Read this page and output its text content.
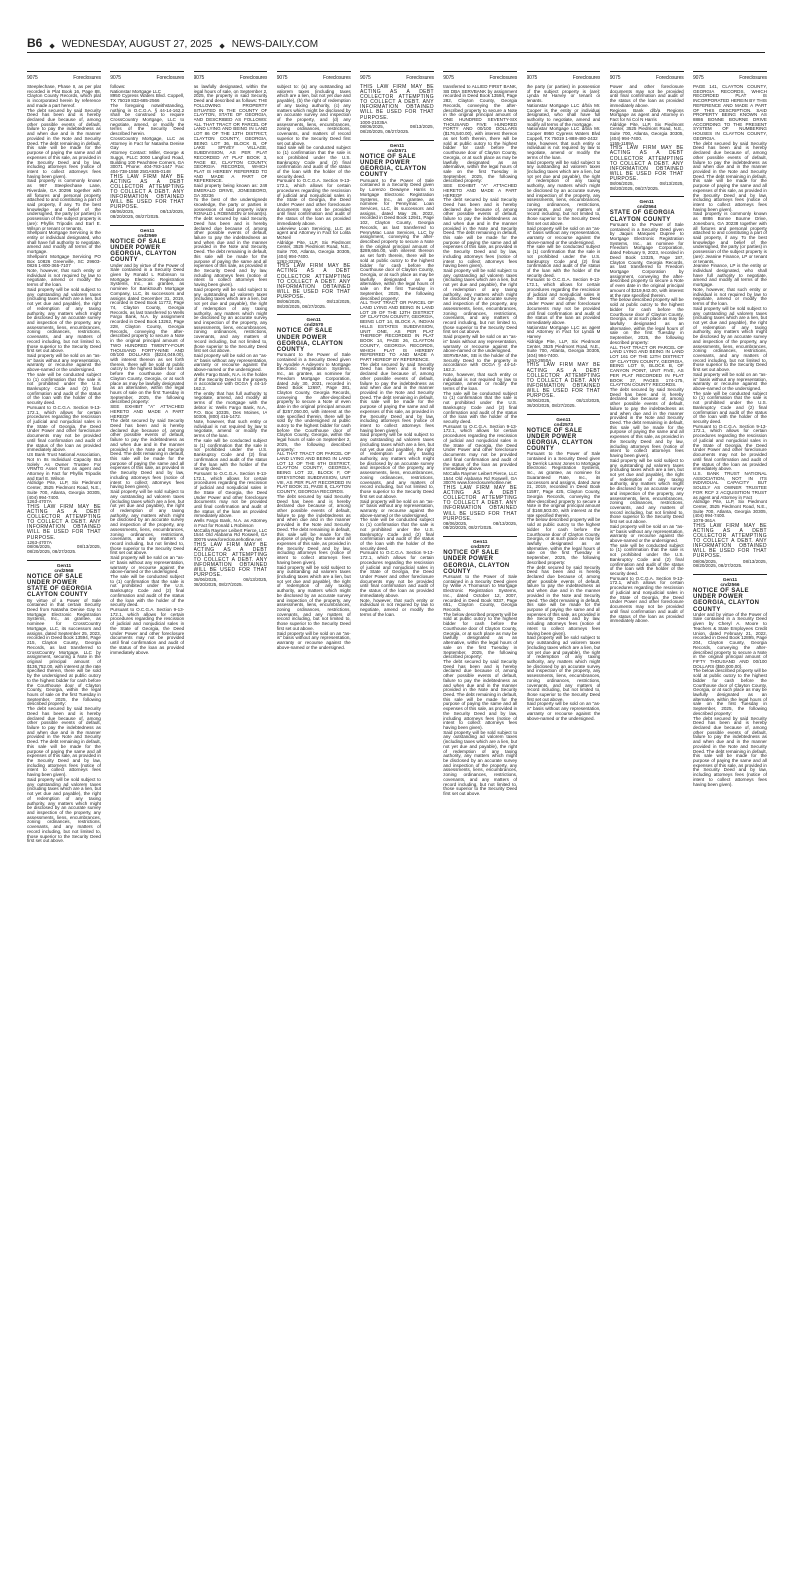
B6 ◆ WEDNESDAY, AUGUST 27, 2025 ◆ NEWS-DAILY.COM
9075	Foreclosures

Steeplechase, Phase II, as per plat recorded in Plat Book 16, Page 88, Clayton County Records, which plat is incorporated herein by reference and made a part hereof.

The debt secured by said Security Deed has been and is hereby declared due because of, among other possible events of default, failure to pay the indebtedness as and when due and in the manner provided in the Note and Security Deed. The debt remaining in default, this sale will be made for the purpose of paying the same and all expenses of this sale, as provided in the Security Deed and by law, including attorneys fees (notice of intent to collect attorneys fees having been given).

Said property is commonly known as 967 Steeplechase Lane, Riverdale, GA 30296 together with all fixtures and personal property attached to and constituting a part of said property, if any. To the best knowledge and belief of the undersigned, the party (or parties) in possession of the subject property is (are): Phyllis Tripodis and Earl E. Wilson or tenant or tenants.

Shellpoint Mortgage Servicing is the entity or individual designated, who shall have full authority to negotiate, amend and modify all terms of the mortgage.

Shellpoint Mortgage Servicing PO Box 10826 Greenville, SC 29603-0826 1-800-365-7107

Note, however, that such entity or individual is not required by law to negotiate, amend or modify the terms of the loan.

Said property will be sold subject to any outstanding ad valorem taxes (including taxes which are a lien, but not yet due and payable), the right of redemption of any taxing authority, any matters which might be disclosed by an accurate survey and inspection of the property, any assessments, liens, encumbrances, zoning ordinances, restrictions, covenants, and any matters of record including, but not limited to, those superior to the Security Deed first set out above.

Said property will be sold on an "as-is" basis without any representation, warranty or recourse against the above-named or the undersigned.

The sale will be conducted subject to (1) confirmation that the sale is not prohibited under the U.S. Bankruptcy Code and (2) final confirmation and audit of the status of the loan with the holder of the security deed.

Pursuant to O.C.G.A. Section 9-13-172.1, which allows for certain procedures regarding the rescission of judicial and nonjudicial sales in the State of Georgia, the Deed Under Power and other foreclosure documents may not be provided until final confirmation and audit of the status of the loan as provided immediately above.

US Bank Trust National Association, Not In Its Individual Capacity But Solely As Owner Trustee For VRMTG Asset Trust as agent and Attorney in Fact for Phyllis Tripodis and Earl E. Wilson

Aldridge Pite, LLP, Six Piedmont Center, 3525 Piedmont Road, N.E., Suite 700, Atlanta, Georgia 30305, (404) 994-7400.

1263-4707A

THIS LAW FIRM MAY BE ACTING AS A DEBT COLLECTOR ATTEMPTING TO COLLECT A DEBT. ANY INFORMATION OBTAINED WILL BE USED FOR THAT PURPOSE.

1263-4707A

08/06/2025, 08/13/2025, 08/20/2025, 08/27/2025.

Gen11

cnd2568

NOTICE OF SALE UNDER POWER

STATE OF GEORGIA CLAYTON COUNTY

By virtue of a Power of Sale contained in that certain Security Deed from Natasha Denise Gay to Mortgage Electronic Registration Systems, Inc., as grantee, as nominee for CrossCountry Mortgage, LLC, its successors and assigns, dated September 25, 2023, recorded in Deed Book 13594, Page 215, Clayton County, Georgia Records, as last transferred to CrossCountry Mortgage, LLC by assignment, securing a Note in the original principal amount of $136,752.00, with interest at the rate specified therein, there will be sold by the undersigned at public outcry to the highest bidder for cash before the Courthouse door of Clayton County, Georgia, within the legal hours of sale on the first Tuesday in September, 2025, the following described property:

The debt secured by said Security Deed has been and is hereby declared due because of, among other possible events of default, failure to pay the indebtedness as and when due and in the manner provided in the Note and Security Deed. The debt remaining in default, this sale will be made for the purpose of paying the same and all expenses of this sale, as provided in the Security Deed and by law, including attorneys fees (notice of intent to collect attorneys fees having been given).

Said property will be sold subject to any outstanding ad valorem taxes (including taxes which are a lien, but not yet due and payable), the right of redemption of any taxing authority, any matters which might be disclosed by an accurate survey and inspection of the property, any assessments, liens, encumbrances, zoning ordinances, restrictions, covenants, and any matters of record including, but not limited to, those superior to the Security Deed first set out above.

9075	Foreclosures

follows:

Nationstar Mortgage LLC

8950 Cypress Waters Blvd. Coppell, TX 75019 833-685-2566

The foregoing notwithstanding, nothing in O.C.G.A. § 44-14-162.2 shall be construed to require CrossCountry Mortgage, LLC to negotiate, amend, or modify the terms of the Security Deed described herein.

CrossCountry Mortgage, LLC as Attorney in Fact for Natasha Denise Gay

Attorney Contact: Miller, George & Suggs, PLLC 3000 Langford Road, Building 100 Peachtree Corners, GA 30071 Phone: 404-793-1447 Fax: 404-738-1558 25GA935-0148

THIS LAW FIRM MAY BE ACTING AS A DEBT COLLECTOR ATTEMPTING TO COLLECT A DEBT. ANY INFORMATION OBTAINED WILL BE USED FOR THAT PURPOSE.

08/06/2025, 08/13/2025, 08/20/2025, 08/27/2025.

Gen11

cnd2569

NOTICE OF SALE UNDER POWER

GEORGIA, CLAYTON COUNTY

Under and by virtue of the Power of Sale contained in a Security Deed given by Ronald L Robinson to Mortgage Electronic Registration Systems, Inc., as grantee, as nominee for BankSouth Mortgage Company, LLC, its successors and assigns dated December 31, 2019, recorded in Deed Book 11772, Page 74, Clayton County, Georgia Records, as last transferred to Wells Fargo Bank, N.A. by assignment recorded in Deed Book 13262, Page 228, Clayton County, Georgia Records, conveying the after-described property to secure a Note in the original principal amount of TWO HUNDRED TWENTY-FOUR THOUSAND FORTY-NINE AND 00/100 DOLLARS ($224,049.00), with interest thereon as set forth therein, there will be sold at public outcry to the highest bidder for cash before the courthouse door of Clayton County, Georgia, or at such place as may be lawfully designated as an alternative, within the legal hours of sale on the first Tuesday in September, 2025, the following described property:

SEE EXHIBIT "A" ATTACHED HERETO AND MADE A PART HEREOF

The debt secured by said Security Deed has been and is hereby declared due because of, among other possible events of default, failure to pay the indebtedness as and when due and in the manner provided in the Note and Security Deed. The debt remaining in default, this sale will be made for the purpose of paying the same and all expenses of this sale, as provided in the Security Deed and by law, including attorneys fees (notice of intent to collect attorneys fees having been given).

Said property will be sold subject to any outstanding ad valorem taxes (including taxes which are a lien, but not yet due and payable), the right of redemption of any taxing authority, any matters which might be disclosed by an accurate survey and inspection of the property, any assessments, liens, encumbrances, zoning ordinances, restrictions, covenants, and any matters of record including, but not limited to, those superior to the Security Deed first set out above.

Said property will be sold on an "as-is" basis without any representation, warranty or recourse against the above-named or the undersigned.

The sale will be conducted subject to (1) confirmation that the sale is not prohibited under the U.S. Bankruptcy Code and (2) final confirmation and audit of the status of the loan with the holder of the security deed.

Pursuant to O.C.G.A. Section 9-13-172.1, which allows for certain procedures regarding the rescission of judicial and nonjudicial sales in the State of Georgia, the Deed Under Power and other foreclosure documents may not be provided until final confirmation and audit of the status of the loan as provided immediately above.

9075	Foreclosures

as lawfully designated, within the legal hours of sale, on September 2, 2025, the property in said Security Deed and described as follows: THE FOLLOWING PROPERTY SITUATED IN THE COUNTY OF CLAYTON, STATE OF GEORGIA, AND DESCRIBED AS FOLLOWS: ALL THAT TRACT OR PARCEL OF LAND LYING AND BEING IN LAND LOT 86 OF THE 13TH DISTRICT, CLAYTON COUNTY, GEORGIA, BEING LOT 36, BLOCK B, OF LAKE SPIVEY VILLAGE, SUBDIVISION, AS PER PLAT RECORDED AT PLAT BOOK 3, PAGE 82, CLAYTON COUNTY, GEORGIA RECORDS, WHICH PLAT IS HEREBY REFERRED TO AND MADE A PART OF REFERENCE.

Said property being known as: 249 EMERALD DRIVE, JONESBORO, GA 30236

To the best of the undersigneds knowledge, the party or parties in possession of said property is/are RONALD L ROBINSON or tenant(s).

The debt secured by said Security Deed has been and is hereby declared due because of, among other possible events of default, failure to pay the indebtedness as and when due and in the manner provided in the Note and Security Deed. The debt remaining in default, this sale will be made for the purpose of paying the same and all expenses of this sale, as provided in the Security Deed and by law, including attorneys fees (notice of intent to collect attorneys fees having been given).

Said property will be sold subject to any outstanding ad valorem taxes (including taxes which are a lien, but not yet due and payable), the right of redemption of any taxing authority, any matters which might be disclosed by an accurate survey and inspection of the property, any assessments, liens, encumbrances, zoning ordinances, restrictions, covenants, and any matters of record including, but not limited to, those superior to the Security Deed first set out above.

Said property will be sold on an "as-is" basis without any representation, warranty or recourse against the above-named or the undersigned.

Wells Fargo Bank, N.A. is the holder of the Security Deed to the property in accordance with OCGA § 44-14-162.2.

The entity that has full authority to negotiate, amend, and modify all terms of the mortgage with the debtor is: Wells Fargo Bank, N.A., P.O. Box 10335, Des Moines, IA 50306, (800) 416-1472.

Note, however, that such entity or individual is not required by law to negotiate, amend or modify the terms of the loan.

The sale will be conducted subject to (1) confirmation that the sale is not prohibited under the U.S. Bankruptcy Code and (2) final confirmation and audit of the status of the loan with the holder of the security deed.

Pursuant to O.C.G.A. Section 9-13-172.1, which allows for certain procedures regarding the rescission of judicial and nonjudicial sales in the State of Georgia, the Deed Under Power and other foreclosure documents may not be provided until final confirmation and audit of the status of the loan as provided immediately above.

Wells Fargo Bank, N.A. as Attorney in Fact for Ronald L Robinson

McCalla Raymer Leibert Pierce, LLC 1544 Old Alabama Rd Roswell, GA 30076 www.foreclosurehotline.net

THIS LAW FIRM MAY BE ACTING AS A DEBT COLLECTOR ATTEMPTING TO COLLECT A DEBT. ANY INFORMATION OBTAINED WILL BE USED FOR THAT PURPOSE.

08/06/2025, 08/13/2025, 08/20/2025, 08/27/2025.

9075	Foreclosures

subject to: (a) any outstanding ad valorem taxes (including taxes which are a lien, but not yet due and payable), (b) the right of redemption of any taxing authority, (c) any matters which might be disclosed by an accurate survey and inspection of the property, and (d) any assessments, liens, encumbrances, zoning ordinances, restrictions, covenants, and matters of record superior to the Security Deed first set out above.

Said sale will be conducted subject to (1) confirmation that the sale is not prohibited under the U.S. Bankruptcy Code and (2) final confirmation and audit of the status of the loan with the holder of the security deed.

Pursuant to O.C.G.A. Section 9-13-172.1, which allows for certain procedures regarding the rescission of judicial and nonjudicial sales in the State of Georgia, the Deed Under Power and other foreclosure documents may not be provided until final confirmation and audit of the status of the loan as provided immediately above.

Lakeview Loan Servicing, LLC as agent and Attorney in Fact for Lolita McNeil

Aldridge Pite, LLP, Six Piedmont Center, 3525 Piedmont Road, N.E., Suite 700, Atlanta, Georgia 30305, (404) 994-7400.

1262-3228A

THIS LAW FIRM MAY BE ACTING AS A DEBT COLLECTOR ATTEMPTING TO COLLECT A DEBT. ANY INFORMATION OBTAINED WILL BE USED FOR THAT PURPOSE.

08/06/2025, 08/13/2025, 08/20/2025, 08/27/2025.

Gen11

cnd2570

NOTICE OF SALE UNDER POWER

GEORGIA, CLAYTON COUNTY

Pursuant to the Power of Sale contained in a Security Deed given by Ayodele A Adeyemi to Mortgage Electronic Registration Systems, Inc., as grantee, as nominee for Freedom Mortgage Corporation, dated July 30, 2021, recorded in Deed Book 12697, Page 381, Clayton County, Georgia Records, conveying the after-described property to secure a Note of even date in the original principal amount of $257,050.00, with interest at the rate specified therein, there will be sold by the undersigned at public outcry to the highest bidder for cash before the Courthouse door of Clayton County, Georgia, within the legal hours of sale on September 2, 2025, the following described property:

ALL THAT TRACT OR PARCEL OF LAND LYING AND BEING IN LAND LOT 12 OF THE 6TH DISTRICT, CLAYTON COUNTY, GEORGIA, BEING LOT 22, BLOCK F, OF GREYSTONE SUBDIVISION, UNIT VIII, AS PER PLAT RECORDED IN PLAT BOOK 31, PAGE 8, CLAYTON COUNTY, GEORGIA RECORDS.

The debt secured by said Security Deed has been and is hereby declared due because of, among other possible events of default, failure to pay the indebtedness as and when due and in the manner provided in the Note and Security Deed. The debt remaining in default, this sale will be made for the purpose of paying the same and all expenses of this sale, as provided in the Security Deed and by law, including attorneys fees (notice of intent to collect attorneys fees having been given).

Said property will be sold subject to any outstanding ad valorem taxes (including taxes which are a lien, but not yet due and payable), the right of redemption of any taxing authority, any matters which might be disclosed by an accurate survey and inspection of the property, any assessments, liens, encumbrances, zoning ordinances, restrictions, covenants, and any matters of record including, but not limited to, those superior to the Security Deed first set out above.

Said property will be sold on an "as-is" basis without any representation, warranty or recourse against the above-named or the undersigned.

9075	Foreclosures

THIS LAW FIRM MAY BE ACTING AS A DEBT COLLECTOR ATTEMPTING TO COLLECT A DEBT. ANY INFORMATION OBTAINED WILL BE USED FOR THAT PURPOSE.

1000-21035A

08/06/2025, 08/13/2025, 08/20/2025, 08/27/2025.

Gen11

cnd2571

NOTICE OF SALE UNDER POWER

GEORGIA, CLAYTON COUNTY

Pursuant to the Power of Sale contained in a Security Deed given by Lorenzo Dewayne Harris to Mortgage Electronic Registration Systems, Inc., as grantee, as nominee for Pennymac Loan Services, LLC, its successors and assigns, dated May 26, 2022, recorded in Deed Book 12941, Page 102, Clayton County, Georgia Records, as last transferred to PennyMac Loan Services, LLC by assignment, conveying the after-described property to secure a Note in the original principal amount of $289,656.00, with interest thereon as set forth therein, there will be sold at public outcry to the highest bidder for cash before the Courthouse door of Clayton County, Georgia, or at such place as may be lawfully designated as an alternative, within the legal hours of sale on the first Tuesday in September, 2025, the following described property:

ALL THAT TRACT OR PARCEL OF LAND LYING AND BEING IN LAND LOT 29 OF THE 12TH DISTRICT OF CLAYTON COUNTY, GEORGIA, BEING LOT 14, BLOCK A, INDIAN HILLS ESTATES SUBDIVISION, UNIT ONE, AS PER PLAT THEREOF RECORDED IN PLAT BOOK 14, PAGE 26, CLAYTON COUNTY, GEORGIA RECORDS, WHICH PLAT IS HEREBY REFERRED TO AND MADE A PART HEREOF BY REFERENCE.

The debt secured by said Security Deed has been and is hereby declared due because of, among other possible events of default, failure to pay the indebtedness as and when due and in the manner provided in the Note and Security Deed. The debt remaining in default, this sale will be made for the purpose of paying the same and all expenses of this sale, as provided in the Security Deed and by law, including attorneys fees (notice of intent to collect attorneys fees having been given).

Said property will be sold subject to any outstanding ad valorem taxes (including taxes which are a lien, but not yet due and payable), the right of redemption of any taxing authority, any matters which might be disclosed by an accurate survey and inspection of the property, any assessments, liens, encumbrances, zoning ordinances, restrictions, covenants, and any matters of record including, but not limited to, those superior to the Security Deed first set out above.

Said property will be sold on an "as-is" basis without any representation, warranty or recourse against the above-named or the undersigned.

The sale will be conducted subject to (1) confirmation that the sale is not prohibited under the U.S. Bankruptcy Code and (2) final confirmation and audit of the status of the loan with the holder of the security deed.

Pursuant to O.C.G.A. Section 9-13-172.1, which allows for certain procedures regarding the rescission of judicial and nonjudicial sales in the State of Georgia, the Deed Under Power and other foreclosure documents may not be provided until final confirmation and audit of the status of the loan as provided immediately above.

Note, however, that such entity or individual is not required by law to negotiate, amend or modify the terms of the loan.

9075	Foreclosures

transferred to ALLIED FIRST BANK, SB DBA SERVBANK by assignment recorded in Deed Book 13594, Page 282, Clayton County, Georgia Records, conveying the after-described property to secure a Note in the original principal amount of ONE HUNDRED SEVENTY-SIX THOUSAND FIVE HUNDRED FORTY AND 00/100 DOLLARS ($176,540.00), with interest thereon as set forth therein, there will be sold at public outcry to the highest bidder for cash before the courthouse door of Clayton County, Georgia, or at such place as may be lawfully designated as an alternative, within the legal hours of sale on the first Tuesday in September, 2025, the following described property:

SEE EXHIBIT "A" ATTACHED HERETO AND MADE A PART HEREOF

The debt secured by said Security Deed has been and is hereby declared due because of, among other possible events of default, failure to pay the indebtedness as and when due and in the manner provided in the Note and Security Deed. The debt remaining in default, this sale will be made for the purpose of paying the same and all expenses of this sale, as provided in the Security Deed and by law, including attorneys fees (notice of intent to collect attorneys fees having been given).

Said property will be sold subject to any outstanding ad valorem taxes (including taxes which are a lien, but not yet due and payable), the right of redemption of any taxing authority, any matters which might be disclosed by an accurate survey and inspection of the property, any assessments, liens, encumbrances, zoning ordinances, restrictions, covenants, and any matters of record including, but not limited to, those superior to the Security Deed first set out above.

Said property will be sold on an "as-is" basis without any representation, warranty or recourse against the above-named or the undersigned.

SERVBANK, SB is the holder of the Security Deed to the property in accordance with OCGA § 44-14-162.2.

Note, however, that such entity or individual is not required by law to negotiate, amend or modify the terms of the loan.

The sale will be conducted subject to (1) confirmation that the sale is not prohibited under the U.S. Bankruptcy Code and (2) final confirmation and audit of the status of the loan with the holder of the security deed.

Pursuant to O.C.G.A. Section 9-13-172.1, which allows for certain procedures regarding the rescission of judicial and nonjudicial sales in the State of Georgia, the Deed Under Power and other foreclosure documents may not be provided until final confirmation and audit of the status of the loan as provided immediately above.

McCalla Raymer Leibert Pierce, LLC 1544 Old Alabama Rd Roswell, GA 30076 www.foreclosurehotline.net

THIS LAW FIRM MAY BE ACTING AS A DEBT COLLECTOR ATTEMPTING TO COLLECT A DEBT. ANY INFORMATION OBTAINED WILL BE USED FOR THAT PURPOSE.

08/06/2025, 08/13/2025, 08/20/2025, 08/27/2025.

Gen11

cnd2572

NOTICE OF SALE UNDER POWER

GEORGIA, CLAYTON COUNTY

Pursuant to the Power of Sale contained in a Security Deed given by Willie A Thomason to Mortgage Electronic Registration Systems, Inc., dated October 12, 2007, recorded in Deed Book 9337, Page 651, Clayton County, Georgia Records.

The below described property will be sold at public outcry to the highest bidder for cash before the Courthouse door of Clayton County, Georgia, or at such place as may be lawfully designated as an alternative, within the legal hours of sale on the first Tuesday in September, 2025, the following described property:

The debt secured by said Security Deed has been and is hereby declared due because of, among other possible events of default, failure to pay the indebtedness as and when due and in the manner provided in the Note and Security Deed. The debt remaining in default, this sale will be made for the purpose of paying the same and all expenses of this sale, as provided in the Security Deed and by law, including attorneys fees (notice of intent to collect attorneys fees having been given).

Said property will be sold subject to any outstanding ad valorem taxes (including taxes which are a lien, but not yet due and payable), the right of redemption of any taxing authority, any matters which might be disclosed by an accurate survey and inspection of the property, any assessments, liens, encumbrances, zoning ordinances, restrictions, covenants, and any matters of record including, but not limited to, those superior to the Security Deed first set out above.

9075	Foreclosures

the party (or parties) in possession of the subject property is (are): Lynda M Harvey or tenant or tenants.

Nationstar Mortgage LLC d/b/a Mr. Cooper is the entity or individual designated, who shall have full authority to negotiate, amend and modify all terms of the mortgage.

Nationstar Mortgage LLC d/b/a Mr. Cooper 8950 Cypress Waters Blvd Coppell, TX 75019 1-888-480-2432

Note, however, that such entity or individual is not required by law to negotiate, amend or modify the terms of the loan.

Said property will be sold subject to any outstanding ad valorem taxes (including taxes which are a lien, but not yet due and payable), the right of redemption of any taxing authority, any matters which might be disclosed by an accurate survey and inspection of the property, any assessments, liens, encumbrances, zoning ordinances, restrictions, covenants, and any matters of record including, but not limited to, those superior to the Security Deed first set out above.

Said property will be sold on an "as-is" basis without any representation, warranty or recourse against the above-named or the undersigned.

The sale will be conducted subject to (1) confirmation that the sale is not prohibited under the U.S. Bankruptcy Code and (2) final confirmation and audit of the status of the loan with the holder of the security deed.

Pursuant to O.C.G.A. Section 9-13-172.1, which allows for certain procedures regarding the rescission of judicial and nonjudicial sales in the State of Georgia, the Deed Under Power and other foreclosure documents may not be provided until final confirmation and audit of the status of the loan as provided immediately above.

Nationstar Mortgage LLC as agent and Attorney in Fact for Lynda M Harvey

Aldridge Pite, LLP, Six Piedmont Center, 3525 Piedmont Road, N.E., Suite 700, Atlanta, Georgia 30305, (404) 994-7400.

1263-2650A

THIS LAW FIRM MAY BE ACTING AS A DEBT COLLECTOR ATTEMPTING TO COLLECT A DEBT. ANY INFORMATION OBTAINED WILL BE USED FOR THAT PURPOSE.

08/06/2025, 08/13/2025, 08/20/2025, 08/27/2025.

Gen11

cnd2573

NOTICE OF SALE UNDER POWER

GEORGIA, CLAYTON COUNTY

Pursuant to the Power of Sale contained in a Security Deed given by Derrick Lamar Jones to Mortgage Electronic Registration Systems, Inc., as grantee, as nominee for Guaranteed Rate, Inc., its successors and assigns, dated June 21, 2019, recorded in Deed Book 11597, Page 425, Clayton County, Georgia Records, conveying the after-described property to secure a Note in the original principal amount of $168,503.00, with interest at the rate specified therein.

The below described property will be sold at public outcry to the highest bidder for cash before the Courthouse door of Clayton County, Georgia, or at such place as may be lawfully designated as an alternative, within the legal hours of sale on the first Tuesday in September, 2025, the following described property:

The debt secured by said Security Deed has been and is hereby declared due because of, among other possible events of default, failure to pay the indebtedness as and when due and in the manner provided in the Note and Security Deed. The debt remaining in default, this sale will be made for the purpose of paying the same and all expenses of this sale, as provided in the Security Deed and by law, including attorneys fees (notice of intent to collect attorneys fees having been given).

Said property will be sold subject to any outstanding ad valorem taxes (including taxes which are a lien, but not yet due and payable), the right of redemption of any taxing authority, any matters which might be disclosed by an accurate survey and inspection of the property, any assessments, liens, encumbrances, zoning ordinances, restrictions, covenants, and any matters of record including, but not limited to, those superior to the Security Deed first set out above.

Said property will be sold on an "as-is" basis without any representation, warranty or recourse against the above-named or the undersigned.

9075	Foreclosures

Power and other foreclosure documents may not be provided until final confirmation and audit of the status of the loan as provided immediately above.

Regions Bank d/b/a Regions Mortgage as agent and Attorney in Fact for Ni Col N Harris

Aldridge Pite, LLP, Six Piedmont Center, 3525 Piedmont Road, N.E., Suite 700, Atlanta, Georgia 30305, (404) 994-7400.

1155-1189A

THIS LAW FIRM MAY BE ACTING AS A DEBT COLLECTOR ATTEMPTING TO COLLECT A DEBT. ANY INFORMATION OBTAINED WILL BE USED FOR THAT PURPOSE.

08/06/2025, 08/13/2025, 08/20/2025, 08/27/2025.

Gen11

cnd2564

STATE OF GEORGIA CLAYTON COUNTY

Pursuant to the Power of Sale contained in a Security Deed given by Jaquis Marques Dupree to Mortgage Electronic Registration Systems, Inc., as nominee for Freedom Mortgage Corporation, dated February 9, 2023, recorded in Deed Book 13325, Page 187, Clayton County, Georgia Records, as last transferred to Freedom Mortgage Corporation by assignment, conveying the after-described property to secure a Note of even date in the original principal amount of $219,942.00, with interest at the rate specified therein.

The below described property will be sold at public outcry to the highest bidder for cash before the Courthouse door of Clayton County, Georgia, or at such place as may be lawfully designated as an alternative, within the legal hours of sale on the first Tuesday in September, 2025, the following described property:

ALL THAT TRACT OR PARCEL OF LAND LYING AND BEING IN LAND LOT 161 OF THE 12TH DISTRICT OF CLAYTON COUNTY, GEORGIA, BEING LOT 9, BLOCK B, OF CANYON POINT, UNIT FIVE, AS PER PLAT RECORDED IN PLAT BOOK 37, PAGES 174-175, CLAYTON COUNTY RECORDS.

The debt secured by said Security Deed has been and is hereby declared due because of, among other possible events of default, failure to pay the indebtedness as and when due and in the manner provided in the Note and Security Deed. The debt remaining in default, this sale will be made for the purpose of paying the same and all expenses of this sale, as provided in the Security Deed and by law, including attorneys fees (notice of intent to collect attorneys fees having been given).

Said property will be sold subject to any outstanding ad valorem taxes (including taxes which are a lien, but not yet due and payable), the right of redemption of any taxing authority, any matters which might be disclosed by an accurate survey and inspection of the property, any assessments, liens, encumbrances, zoning ordinances, restrictions, covenants, and any matters of record including, but not limited to, those superior to the Security Deed first set out above.

Said property will be sold on an "as-is" basis without any representation, warranty or recourse against the above-named or the undersigned.

The sale will be conducted subject to (1) confirmation that the sale is not prohibited under the U.S. Bankruptcy Code and (2) final confirmation and audit of the status of the loan with the holder of the security deed.

Pursuant to O.C.G.A. Section 9-13-172.1, which allows for certain procedures regarding the rescission of judicial and nonjudicial sales in the State of Georgia, the Deed Under Power and other foreclosure documents may not be provided until final confirmation and audit of the status of the loan as provided immediately above.

9075	Foreclosures

PAGE 141, CLAYTON COUNTY, GEORGIA RECORDS, WHICH RECORDED PLAT IS INCORPORATED HEREIN BY THIS REFERENCE AND MADE A PART OF THIS DESCRIPTION. SAID PROPERTY BEING KNOWN AS 8886 BONNE BOURNE DRIVE ACCORDING TO THE PRESENT SYSTEM OF NUMBERING HOUSES IN CLAYTON COUNTY, GEORGIA.

The debt secured by said Security Deed has been and is hereby declared due because of, among other possible events of default, failure to pay the indebtedness as and when due and in the manner provided in the Note and Security Deed. The debt remaining in default, this sale will be made for the purpose of paying the same and all expenses of this sale, as provided in the Security Deed and by law, including attorneys fees (notice of intent to collect attorneys fees having been given).

Said property is commonly known as 8886 Bonne Bourne Drive, Jonesboro, GA 30238 together with all fixtures and personal property attached to and constituting a part of said property, if any. To the best knowledge and belief of the undersigned, the party (or parties) in possession of the subject property is (are): Jeanine Finance, LP or tenant or tenants.

Jeanine Finance, LP is the entity or individual designated, who shall have full authority to negotiate, amend and modify all terms of the mortgage.

Note, however, that such entity or individual is not required by law to negotiate, amend or modify the terms of the loan.

Said property will be sold subject to any outstanding ad valorem taxes (including taxes which are a lien, but not yet due and payable), the right of redemption of any taxing authority, any matters which might be disclosed by an accurate survey and inspection of the property, any assessments, liens, encumbrances, zoning ordinances, restrictions, covenants, and any matters of record including, but not limited to, those superior to the Security Deed first set out above.

Said property will be sold on an "as-is" basis without any representation, warranty or recourse against the above-named or the undersigned.

The sale will be conducted subject to (1) confirmation that the sale is not prohibited under the U.S. Bankruptcy Code and (2) final confirmation and audit of the status of the loan with the holder of the security deed.

Pursuant to O.C.G.A. Section 9-13-172.1, which allows for certain procedures regarding the rescission of judicial and nonjudicial sales in the State of Georgia, the Deed Under Power and other foreclosure documents may not be provided until final confirmation and audit of the status of the loan as provided immediately above.

U.S. BANK TRUST NATIONAL ASSOCIATION, NOT IN ITS INDIVIDUAL CAPACITY BUT SOLELY AS OWNER TRUSTEE FOR RCF 2 ACQUISITION TRUST as agent and Attorney in Fact

Aldridge Pite, LLP, Six Piedmont Center, 3525 Piedmont Road, N.E., Suite 700, Atlanta, Georgia 30305, (404) 994-7400.

1078-361A

THIS LAW FIRM MAY BE ACTING AS A DEBT COLLECTOR ATTEMPTING TO COLLECT A DEBT. ANY INFORMATION OBTAINED WILL BE USED FOR THAT PURPOSE.

08/06/2025, 08/13/2025, 08/20/2025, 08/27/2025.

Gen11

cnd2566

NOTICE OF SALE UNDER POWER

GEORGIA, CLAYTON COUNTY

Under and by virtue of the Power of Sale contained in a Security Deed given by Cheryl A. Moore to Teachers & State Employees Credit Union, dated February 21, 2022, recorded in Deed Book 12895, Page 204, Clayton County, Georgia Records, conveying the after-described property to secure a Note in the original principal amount of FIFTY THOUSAND AND 00/100 DOLLARS ($50,000.00).

The below described property will be sold at public outcry to the highest bidder for cash before the Courthouse door of Clayton County, Georgia, or at such place as may be lawfully designated as an alternative, within the legal hours of sale on the first Tuesday in September, 2025, the following described property:

The debt secured by said Security Deed has been and is hereby declared due because of, among other possible events of default, failure to pay the indebtedness as and when due and in the manner provided in the Note and Security Deed. The debt remaining in default, this sale will be made for the purpose of paying the same and all expenses of this sale, as provided in the Security Deed and by law, including attorneys fees (notice of intent to collect attorneys fees having been given).
